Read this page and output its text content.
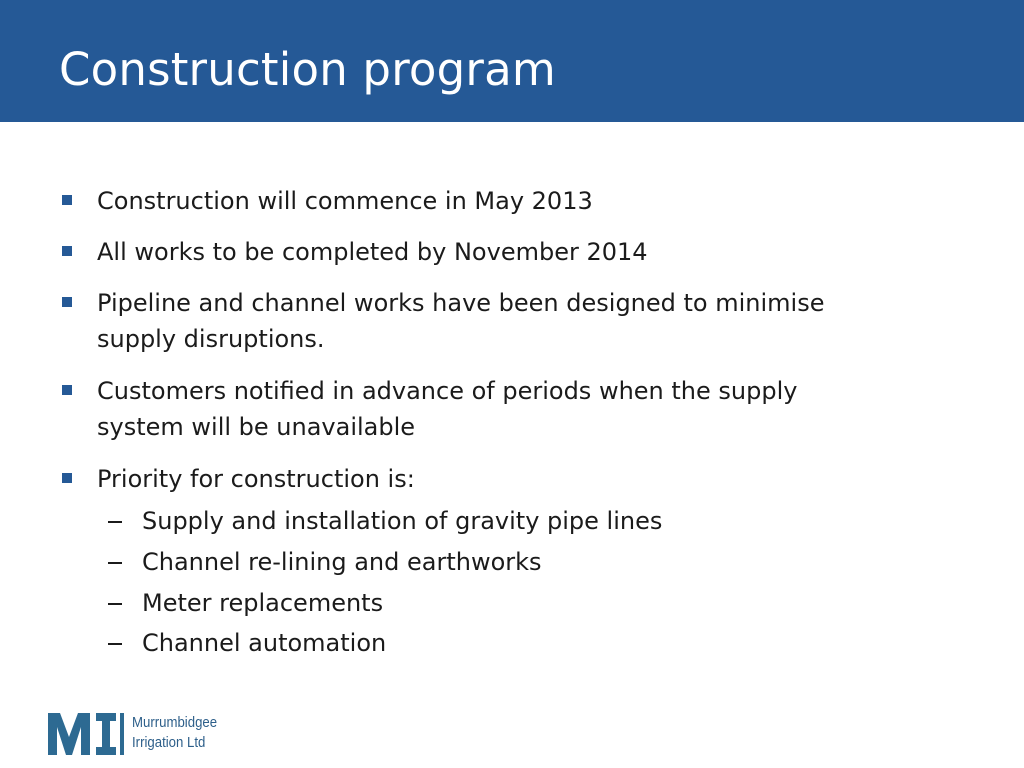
Construction program
Construction will commence in May 2013
All works to be completed by November 2014
Pipeline and channel works have been designed to minimise
supply disruptions.
Customers notified in advance of periods when the supply
system will be unavailable
Priority for construction is:
Supply and installation of gravity pipe lines
Channel re-lining and earthworks
Meter replacements
Channel automation
Murrumbidgee
Irrigation Ltd
